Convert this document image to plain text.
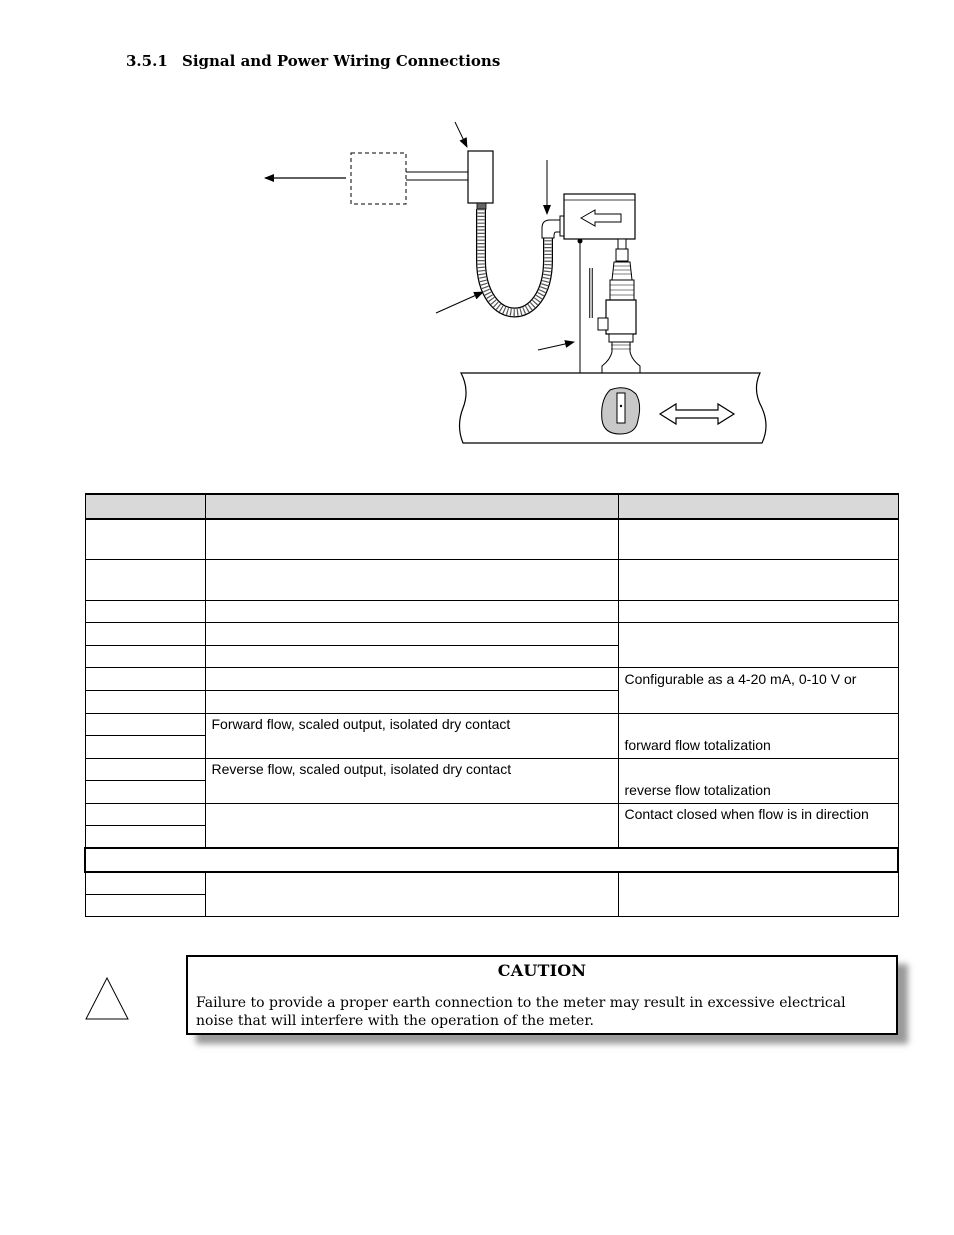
3.5.1 Signal and Power Wiring Connections

		Configurable as a 4-20 mA, 0-10 V or

	Forward flow, scaled output, isolated dry contact	forward flow totalization

	Reverse flow, scaled output, isolated dry contact	reverse flow totalization

		Contact closed when flow is in direction

CAUTION
Failure to provide a proper earth connection to the meter may result in excessive electrical
noise that will interfere with the operation of the meter.
